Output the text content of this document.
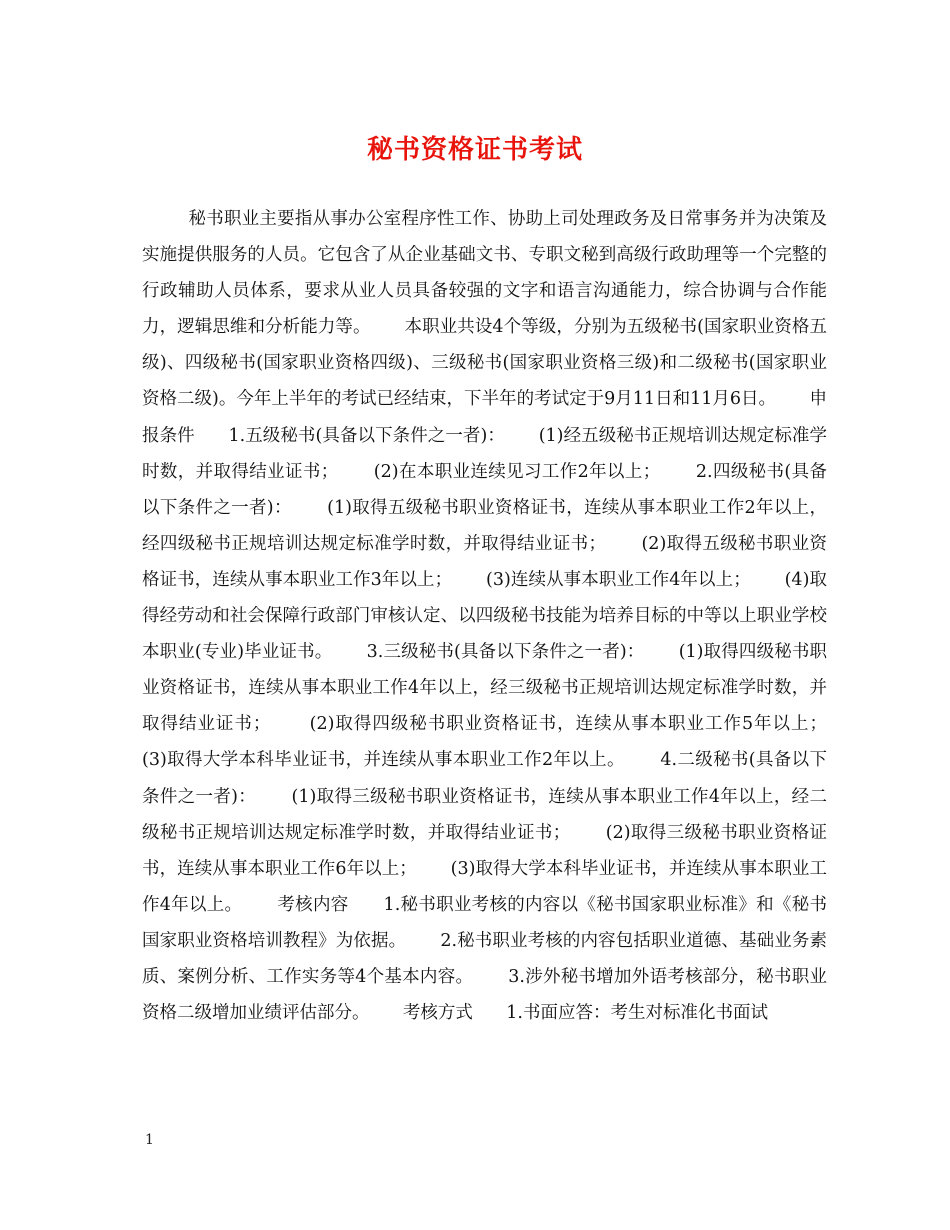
秘书资格证书考试
秘书职业主要指从事办公室程序性工作、协助上司处理政务及日常事务并为决策及实施提供服务的人员。它包含了从企业基础文书、专职文秘到高级行政助理等一个完整的行政辅助人员体系，要求从业人员具备较强的文字和语言沟通能力，综合协调与合作能力，逻辑思维和分析能力等。      本职业共设4个等级，分别为五级秘书(国家职业资格五级)、四级秘书(国家职业资格四级)、三级秘书(国家职业资格三级)和二级秘书(国家职业资格二级)。今年上半年的考试已经结束，下半年的考试定于9月11日和11月6日。      申报条件      1.五级秘书(具备以下条件之一者)：      (1)经五级秘书正规培训达规定标准学时数，并取得结业证书；      (2)在本职业连续见习工作2年以上；      2.四级秘书(具备以下条件之一者)：      (1)取得五级秘书职业资格证书，连续从事本职业工作2年以上，经四级秘书正规培训达规定标准学时数，并取得结业证书；      (2)取得五级秘书职业资格证书，连续从事本职业工作3年以上；      (3)连续从事本职业工作4年以上；      (4)取得经劳动和社会保障行政部门审核认定、以四级秘书技能为培养目标的中等以上职业学校本职业(专业)毕业证书。      3.三级秘书(具备以下条件之一者)：      (1)取得四级秘书职业资格证书，连续从事本职业工作4年以上，经三级秘书正规培训达规定标准学时数，并取得结业证书；      (2)取得四级秘书职业资格证书，连续从事本职业工作5年以上；      (3)取得大学本科毕业证书，并连续从事本职业工作2年以上。      4.二级秘书(具备以下条件之一者)：      (1)取得三级秘书职业资格证书，连续从事本职业工作4年以上，经二级秘书正规培训达规定标准学时数，并取得结业证书；      (2)取得三级秘书职业资格证书，连续从事本职业工作6年以上；      (3)取得大学本科毕业证书，并连续从事本职业工作4年以上。      考核内容      1.秘书职业考核的内容以《秘书国家职业标准》和《秘书国家职业资格培训教程》为依据。      2.秘书职业考核的内容包括职业道德、基础业务素质、案例分析、工作实务等4个基本内容。      3.涉外秘书增加外语考核部分，秘书职业资格二级增加业绩评估部分。      考核方式      1.书面应答：考生对标准化书面试
1
